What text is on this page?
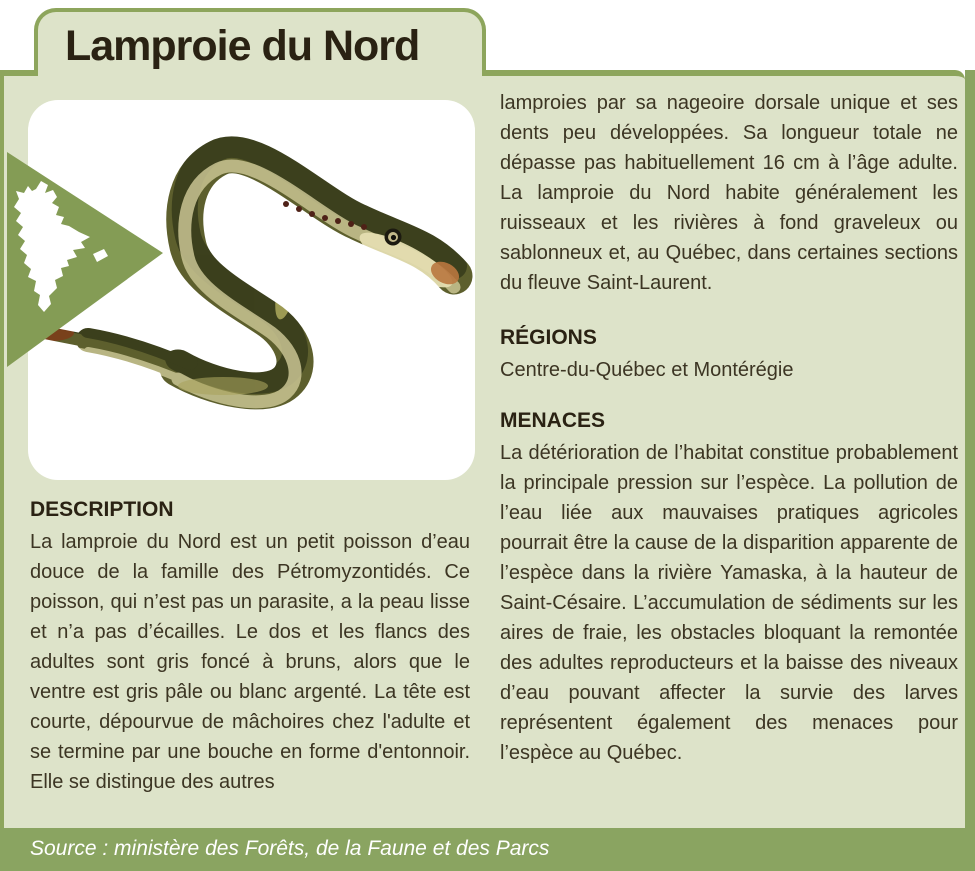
Lamproie du Nord
DESCRIPTION

La lamproie du Nord est un petit poisson d’eau douce de la famille des Pétromyzontidés. Ce poisson, qui n’est pas un parasite, a la peau lisse et n’a pas d’écailles. Le dos et les flancs des adultes sont gris foncé à bruns, alors que le ventre est gris pâle ou blanc argenté. La tête est courte, dépourvue de mâchoires chez l'adulte et se termine par une bouche en forme d'entonnoir. Elle se distingue des autres

lamproies par sa nageoire dorsale unique et ses dents peu développées. Sa longueur totale ne dépasse pas habituellement 16 cm à l’âge adulte. La lamproie du Nord habite généralement les ruisseaux et les rivières à fond graveleux ou sablonneux et, au Québec, dans certaines sections du fleuve Saint-Laurent.

RÉGIONS

Centre-du-Québec et Montérégie

MENACES

La détérioration de l’habitat constitue probablement la principale pression sur l’espèce. La pollution de l’eau liée aux mauvaises pratiques agricoles pourrait être la cause de la disparition apparente de l’espèce dans la rivière Yamaska, à la hauteur de Saint-Césaire. L’accumulation de sédiments sur les aires de fraie, les obstacles bloquant la remontée des adultes reproducteurs et la baisse des niveaux d’eau pouvant affecter la survie des larves représentent également des menaces pour l’espèce au Québec.

Source : ministère des Forêts, de la Faune et des Parcs
